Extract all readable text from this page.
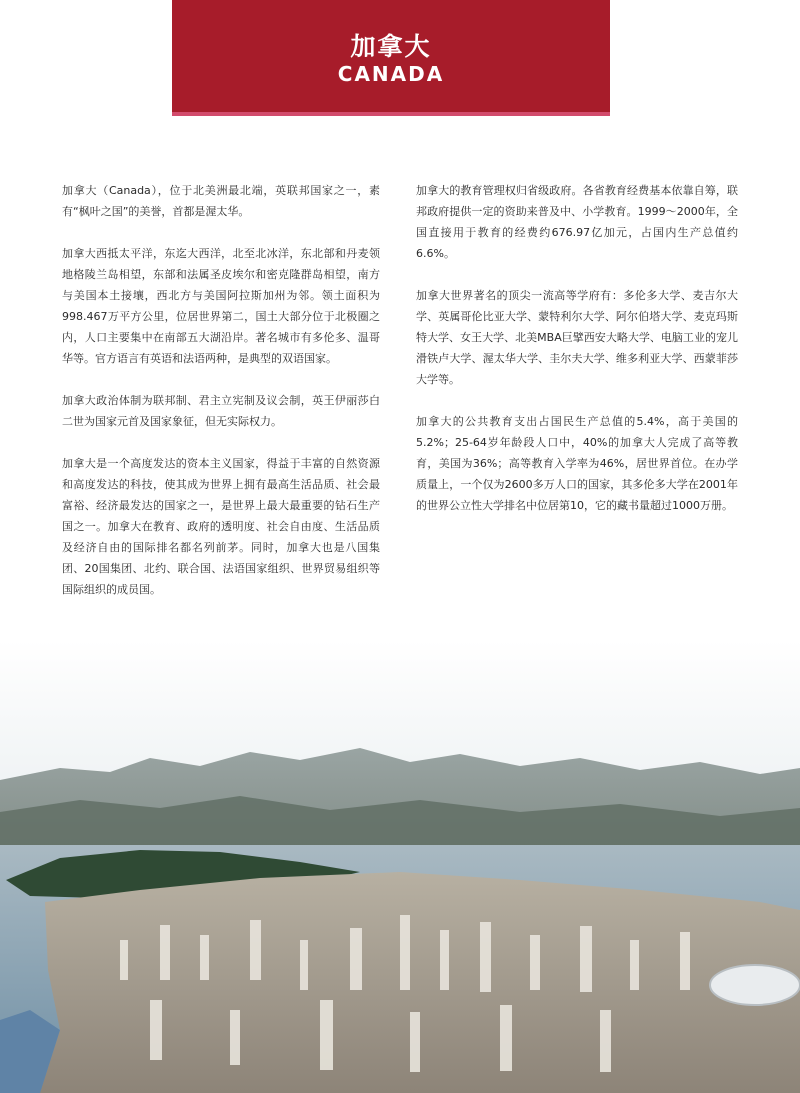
加拿大
CANADA

加拿大（Canada），位于北美洲最北端，英联邦国家之一，素有“枫叶之国”的美誉，首都是渥太华。

加拿大西抵太平洋，东迄大西洋，北至北冰洋，东北部和丹麦领地格陵兰岛相望，东部和法属圣皮埃尔和密克隆群岛相望，南方与美国本土接壤，西北方与美国阿拉斯加州为邻。领土面积为998.467万平方公里，位居世界第二，国土大部分位于北极圈之内，人口主要集中在南部五大湖沿岸。著名城市有多伦多、温哥华等。官方语言有英语和法语两种，是典型的双语国家。

加拿大政治体制为联邦制、君主立宪制及议会制，英王伊丽莎白二世为国家元首及国家象征，但无实际权力。

加拿大是一个高度发达的资本主义国家，得益于丰富的自然资源和高度发达的科技，使其成为世界上拥有最高生活品质、社会最富裕、经济最发达的国家之一，是世界上最大最重要的钻石生产国之一。加拿大在教育、政府的透明度、社会自由度、生活品质及经济自由的国际排名都名列前茅。同时，加拿大也是八国集团、20国集团、北约、联合国、法语国家组织、世界贸易组织等国际组织的成员国。

加拿大的教育管理权归省级政府。各省教育经费基本依靠自筹，联邦政府提供一定的资助来普及中、小学教育。1999～2000年，全国直接用于教育的经费约676.97亿加元，占国内生产总值约6.6%。

加拿大世界著名的顶尖一流高等学府有：多伦多大学、麦吉尔大学、英属哥伦比亚大学、蒙特利尔大学、阿尔伯塔大学、麦克玛斯特大学、女王大学、北美MBA巨擘西安大略大学、电脑工业的宠儿滑铁卢大学、渥太华大学、圭尔夫大学、维多利亚大学、西蒙菲莎大学等。

加拿大的公共教育支出占国民生产总值的5.4%，高于美国的5.2%；25-64岁年龄段人口中，40%的加拿大人完成了高等教育，美国为36%；高等教育入学率为46%，居世界首位。在办学质量上，一个仅为2600多万人口的国家，其多伦多大学在2001年的世界公立性大学排名中位居第10，它的藏书量超过1000万册。
